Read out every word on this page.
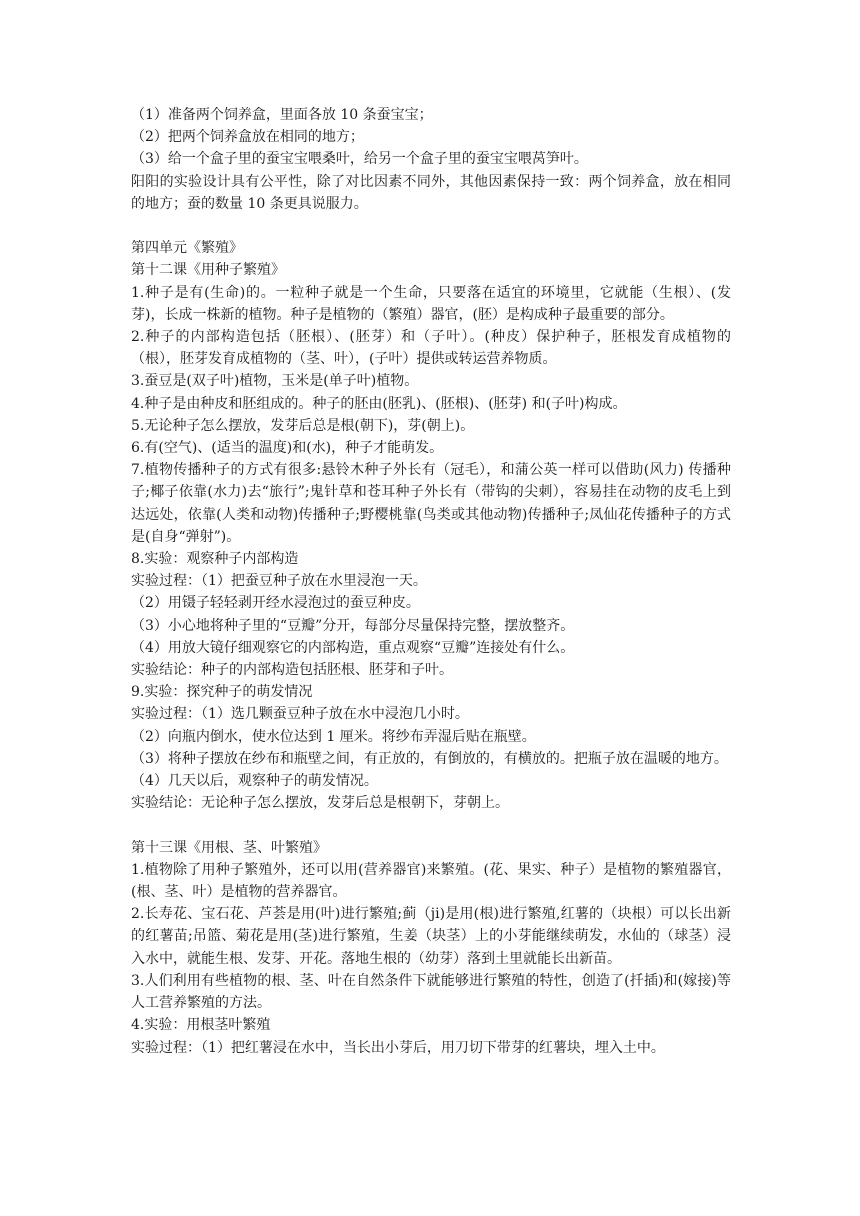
（1）准备两个饲养盒，里面各放 10 条蚕宝宝；

（2）把两个饲养盒放在相同的地方；

（3）给一个盒子里的蚕宝宝喂桑叶，给另一个盒子里的蚕宝宝喂莴笋叶。

阳阳的实验设计具有公平性，除了对比因素不同外，其他因素保持一致：两个饲养盒，放在相同的地方；蚕的数量 10 条更具说服力。

第四单元《繁殖》

第十二课《用种子繁殖》

1.种子是有(生命)的。一粒种子就是一个生命，只要落在适宜的环境里，它就能（生根）、(发芽)，长成一株新的植物。种子是植物的（繁殖）器官，(胚）是构成种子最重要的部分。

2.种子的内部构造包括（胚根）、(胚芽）和（子叶）。(种皮）保护种子，胚根发育成植物的（根），胚芽发育成植物的（茎、叶），(子叶）提供或转运营养物质。

3.蚕豆是(双子叶)植物，玉米是(单子叶)植物。

4.种子是由种皮和胚组成的。种子的胚由(胚乳)、(胚根)、(胚芽) 和(子叶)构成。

5.无论种子怎么摆放，发芽后总是根(朝下)，芽(朝上)。

6.有(空气)、(适当的温度)和(水)，种子才能萌发。

7.植物传播种子的方式有很多:悬铃木种子外长有（冠毛），和蒲公英一样可以借助(风力) 传播种子;椰子依靠(水力)去“旅行”;鬼针草和苍耳种子外长有（带钩的尖刺），容易挂在动物的皮毛上到达远处，依靠(人类和动物)传播种子;野樱桃靠(鸟类或其他动物)传播种子;凤仙花传播种子的方式是(自身“弹射”)。

8.实验：观察种子内部构造

实验过程：（1）把蚕豆种子放在水里浸泡一天。

（2）用镊子轻轻剥开经水浸泡过的蚕豆种皮。

（3）小心地将种子里的“豆瓣”分开，每部分尽量保持完整，摆放整齐。

（4）用放大镜仔细观察它的内部构造，重点观察“豆瓣”连接处有什么。

实验结论：种子的内部构造包括胚根、胚芽和子叶。

9.实验：探究种子的萌发情况

实验过程：（1）选几颗蚕豆种子放在水中浸泡几小时。

（2）向瓶内倒水，使水位达到 1 厘米。将纱布弄湿后贴在瓶壁。

（3）将种子摆放在纱布和瓶壁之间，有正放的，有倒放的，有横放的。把瓶子放在温暖的地方。

（4）几天以后，观察种子的萌发情况。

实验结论：无论种子怎么摆放，发芽后总是根朝下，芽朝上。

第十三课《用根、茎、叶繁殖》

1.植物除了用种子繁殖外，还可以用(营养器官)来繁殖。(花、果实、种子）是植物的繁殖器官，(根、茎、叶）是植物的营养器官。

2.长寿花、宝石花、芦荟是用(叶)进行繁殖;蓟（ji)是用(根)进行繁殖,红薯的（块根）可以长出新的红薯苗;吊篮、菊花是用(茎)进行繁殖，生姜（块茎）上的小芽能继续萌发，水仙的（球茎）浸入水中，就能生根、发芽、开花。落地生根的（幼芽）落到土里就能长出新苗。

3.人们利用有些植物的根、茎、叶在自然条件下就能够进行繁殖的特性，创造了(扦插)和(嫁接)等人工营养繁殖的方法。

4.实验：用根茎叶繁殖

实验过程：（1）把红薯浸在水中，当长出小芽后，用刀切下带芽的红薯块，埋入土中。
